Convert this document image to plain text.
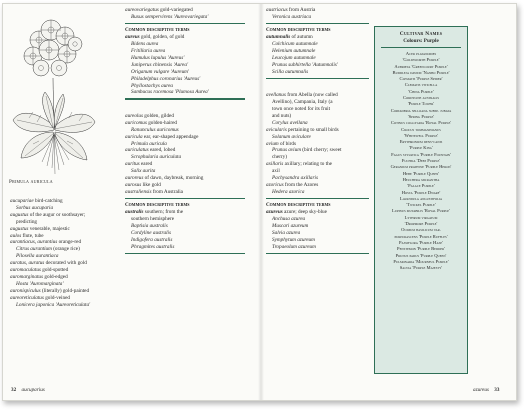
Primula auricula
aucupariae bird-catching
Sorbus aucuparia
augustus of the augur or soothsayer;
predicting
augustus venerable, majestic
aulos flute, tube
aurantiacus, aurantius orange-red
Citrus aurantium (orange rice)
Pilosella aurantiaca
auratus, auratus decorated with gold
auromaculatus gold-spotted
auromarginatus gold-edged
Hosta 'Auromarginata'
auronispiculus (literally) gold-painted
aureoreticulatus gold-veined
Lonicera japonica 'Aureoreticulata'
aureovariegatus gold-variegated
Buxus sempervirens 'Aureovariegata'
Common descriptive terms
aureus gold, golden, of gold
Bidens aurea
Fritillaria aurea
Humulus lupulus 'Aureus'
Juniperus chinensis 'Aurea'
Origanum vulgare 'Aureum'
Philadelphus coronarius 'Aureus'
Phyllostachys aurea
Sambucus racemosa 'Plumosa Aurea'
aureolus golden, gilded
auricomus golden-haired
Ranunculus auricomus
auricula ear, ear-shaped appendage
Primula auricula
auriculatus eared, lobed
Scrophularia auriculata
auritus eared
Salix aurita
auroreus of dawn, daybreak, morning
aurosus like gold
australiensis from Australia
Common descriptive terms
australis southern; from the
southern hemisphere
Baptisia australis
Cordyline australis
Indigofera australis
Phragmites australis
austriacus from Austria
Veronica austriaca
Common descriptive terms
autumnalis of autumn
Colchicum autumnale
Helenium autumnale
Leucojum autumnale
Prunus subhirtella 'Autumnalis'
Scilla autumnalis
avellanus from Abella (now called
Avellino), Campania, Italy (a
town once noted for its fruit
and nuts)
Corylus avellana
avicularis pertaining to small birds
Solanum aviculare
avium of birds
Prunus avium (bird cherry; sweet
cherry)
axillaris axillary; relating to the
axil
Pachysandra axillaris
azoricus from the Azores
Hedera azorica
Common descriptive terms
azureus azure; deep sky-blue
Anchusa azurea
Muscari azureum
Salvia azurea
Symphytum azureum
Tropaeolum azureum
Cultivar Names
Colours: Purple
Acer platanoides
'Goldsworth Purple'
Aubrieta 'Greencourt Purple'
Buddleja davidii 'Nanho Purple'
Clematis 'Purple Spider'
Clematis viticella
'China Purple'
Cordyline australis
'Purple Tower'
Cortaderia selloana subsp. jubata
'Spring Purple'
Cotinus coggygria 'Royal Purple'
Crocus tommasinianus
'Whitewell Purple'
Erythronium dens-canis
'Purple King'
Fagus sylvatica 'Purple Fountain'
Fuchsia 'Deep Purple'
Geranium pratense 'Purple Heron'
Hebe 'Purple Queen'
Heuchera micrantha
'Palace Purple'
Hosta 'Purple Dwarf'
Lavandula angustifolia
'Twickel Purple'
Lupinus mutabilis 'Royal Purple'
Lythrum virgatum
'Dropmore Purple'
Ocimum basilicum var.
purpurascens 'Purple Ruffles'
Passiflora 'Purple Haze'
Penstemon 'Purple Bedder'
Prunus padus 'Purple Queen'
Pulmonaria 'Mournful Purple'
Salvia 'Purple Majesty'
32 aucuparius	azureus 33
